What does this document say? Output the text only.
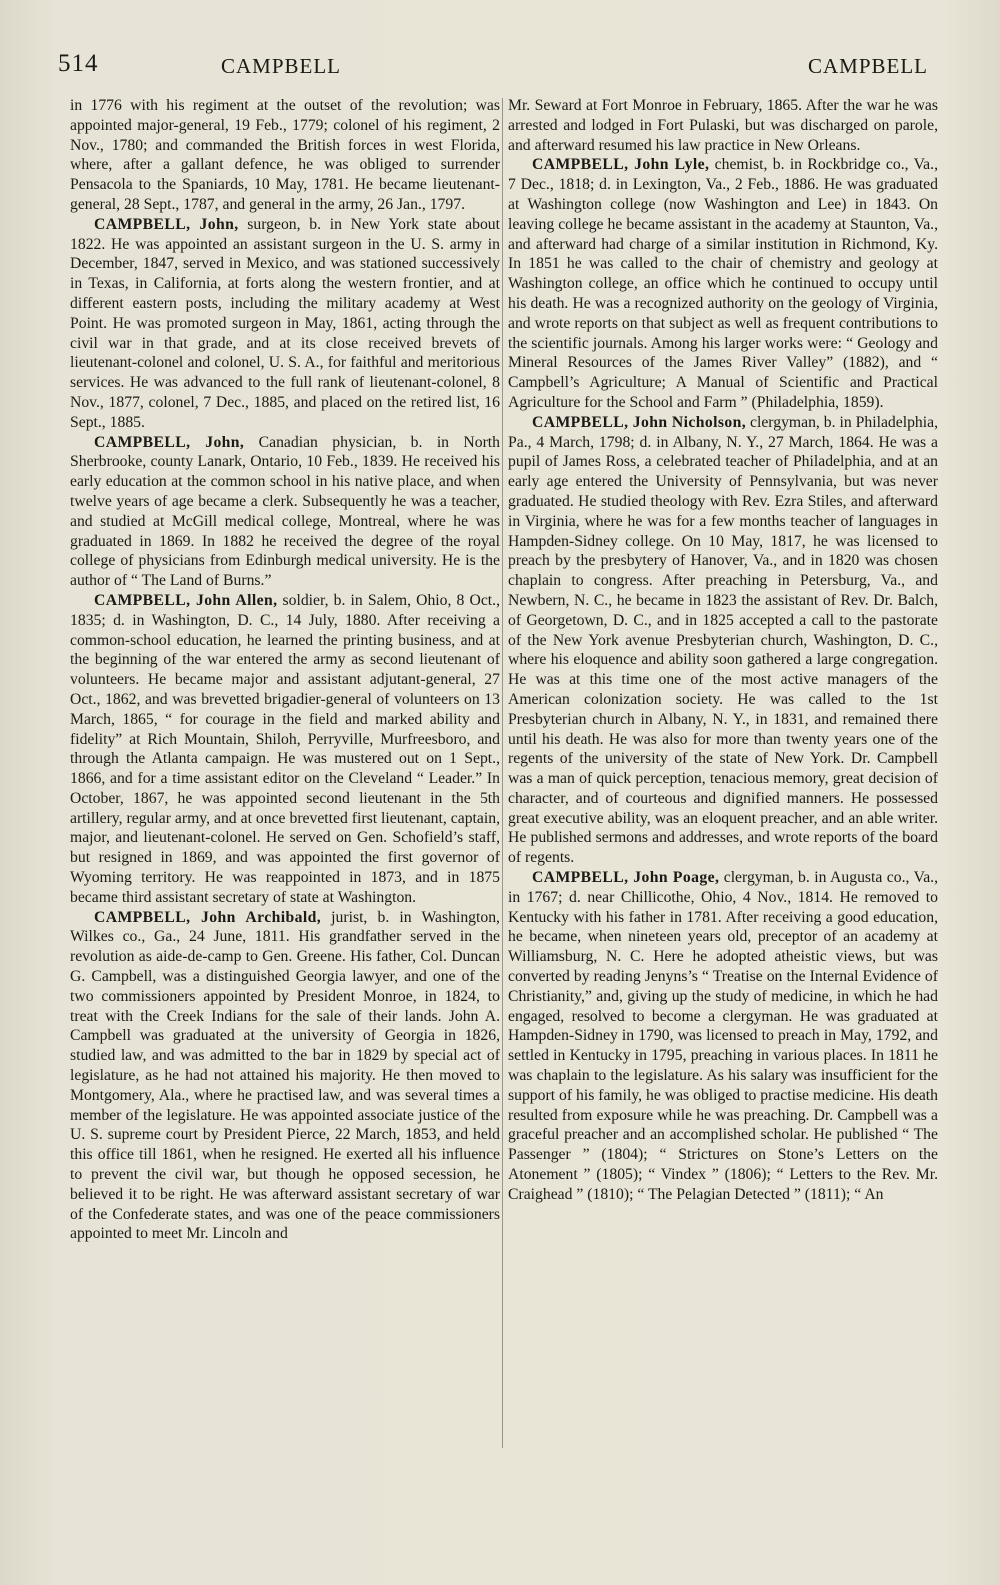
514	CAMPBELL	CAMPBELL

in 1776 with his regiment at the outset of the revolution; was appointed major-general, 19 Feb., 1779; colonel of his regiment, 2 Nov., 1780; and commanded the British forces in west Florida, where, after a gallant defence, he was obliged to surrender Pensacola to the Spaniards, 10 May, 1781. He became lieutenant-general, 28 Sept., 1787, and general in the army, 26 Jan., 1797.

CAMPBELL, John, surgeon, b. in New York state about 1822. He was appointed an assistant surgeon in the U. S. army in December, 1847, served in Mexico, and was stationed successively in Texas, in California, at forts along the western frontier, and at different eastern posts, including the military academy at West Point. He was promoted surgeon in May, 1861, acting through the civil war in that grade, and at its close received brevets of lieutenant-colonel and colonel, U. S. A., for faithful and meritorious services. He was advanced to the full rank of lieutenant-colonel, 8 Nov., 1877, colonel, 7 Dec., 1885, and placed on the retired list, 16 Sept., 1885.

CAMPBELL, John, Canadian physician, b. in North Sherbrooke, county Lanark, Ontario, 10 Feb., 1839. He received his early education at the common school in his native place, and when twelve years of age became a clerk. Subsequently he was a teacher, and studied at McGill medical college, Montreal, where he was graduated in 1869. In 1882 he received the degree of the royal college of physicians from Edinburgh medical university. He is the author of “ The Land of Burns.”

CAMPBELL, John Allen, soldier, b. in Salem, Ohio, 8 Oct., 1835; d. in Washington, D. C., 14 July, 1880. After receiving a common-school education, he learned the printing business, and at the beginning of the war entered the army as second lieutenant of volunteers. He became major and assistant adjutant-general, 27 Oct., 1862, and was brevetted brigadier-general of volunteers on 13 March, 1865, “ for courage in the field and marked ability and fidelity” at Rich Mountain, Shiloh, Perryville, Murfreesboro, and through the Atlanta campaign. He was mustered out on 1 Sept., 1866, and for a time assistant editor on the Cleveland “ Leader.” In October, 1867, he was appointed second lieutenant in the 5th artillery, regular army, and at once brevetted first lieutenant, captain, major, and lieutenant-colonel. He served on Gen. Schofield’s staff, but resigned in 1869, and was appointed the first governor of Wyoming territory. He was reappointed in 1873, and in 1875 became third assistant secretary of state at Washington.

CAMPBELL, John Archibald, jurist, b. in Washington, Wilkes co., Ga., 24 June, 1811. His grandfather served in the revolution as aide-de-camp to Gen. Greene. His father, Col. Duncan G. Campbell, was a distinguished Georgia lawyer, and one of the two commissioners appointed by President Monroe, in 1824, to treat with the Creek Indians for the sale of their lands. John A. Campbell was graduated at the university of Georgia in 1826, studied law, and was admitted to the bar in 1829 by special act of legislature, as he had not attained his majority. He then moved to Montgomery, Ala., where he practised law, and was several times a member of the legislature. He was appointed associate justice of the U. S. supreme court by President Pierce, 22 March, 1853, and held this office till 1861, when he resigned. He exerted all his influence to prevent the civil war, but though he opposed secession, he believed it to be right. He was afterward assistant secretary of war of the Confederate states, and was one of the peace commissioners appointed to meet Mr. Lincoln and

Mr. Seward at Fort Monroe in February, 1865. After the war he was arrested and lodged in Fort Pulaski, but was discharged on parole, and afterward resumed his law practice in New Orleans.

CAMPBELL, John Lyle, chemist, b. in Rockbridge co., Va., 7 Dec., 1818; d. in Lexington, Va., 2 Feb., 1886. He was graduated at Washington college (now Washington and Lee) in 1843. On leaving college he became assistant in the academy at Staunton, Va., and afterward had charge of a similar institution in Richmond, Ky. In 1851 he was called to the chair of chemistry and geology at Washington college, an office which he continued to occupy until his death. He was a recognized authority on the geology of Virginia, and wrote reports on that subject as well as frequent contributions to the scientific journals. Among his larger works were: “ Geology and Mineral Resources of the James River Valley” (1882), and “ Campbell’s Agriculture; A Manual of Scientific and Practical Agriculture for the School and Farm ” (Philadelphia, 1859).

CAMPBELL, John Nicholson, clergyman, b. in Philadelphia, Pa., 4 March, 1798; d. in Albany, N. Y., 27 March, 1864. He was a pupil of James Ross, a celebrated teacher of Philadelphia, and at an early age entered the University of Pennsylvania, but was never graduated. He studied theology with Rev. Ezra Stiles, and afterward in Virginia, where he was for a few months teacher of languages in Hampden-Sidney college. On 10 May, 1817, he was licensed to preach by the presbytery of Hanover, Va., and in 1820 was chosen chaplain to congress. After preaching in Petersburg, Va., and Newbern, N. C., he became in 1823 the assistant of Rev. Dr. Balch, of Georgetown, D. C., and in 1825 accepted a call to the pastorate of the New York avenue Presbyterian church, Washington, D. C., where his eloquence and ability soon gathered a large congregation. He was at this time one of the most active managers of the American colonization society. He was called to the 1st Presbyterian church in Albany, N. Y., in 1831, and remained there until his death. He was also for more than twenty years one of the regents of the university of the state of New York. Dr. Campbell was a man of quick perception, tenacious memory, great decision of character, and of courteous and dignified manners. He possessed great executive ability, was an eloquent preacher, and an able writer. He published sermons and addresses, and wrote reports of the board of regents.

CAMPBELL, John Poage, clergyman, b. in Augusta co., Va., in 1767; d. near Chillicothe, Ohio, 4 Nov., 1814. He removed to Kentucky with his father in 1781. After receiving a good education, he became, when nineteen years old, preceptor of an academy at Williamsburg, N. C. Here he adopted atheistic views, but was converted by reading Jenyns’s “ Treatise on the Internal Evidence of Christianity,” and, giving up the study of medicine, in which he had engaged, resolved to become a clergyman. He was graduated at Hampden-Sidney in 1790, was licensed to preach in May, 1792, and settled in Kentucky in 1795, preaching in various places. In 1811 he was chaplain to the legislature. As his salary was insufficient for the support of his family, he was obliged to practise medicine. His death resulted from exposure while he was preaching. Dr. Campbell was a graceful preacher and an accomplished scholar. He published “ The Passenger ” (1804); “ Strictures on Stone’s Letters on the Atonement ” (1805); “ Vindex ” (1806); “ Letters to the Rev. Mr. Craighead ” (1810); “ The Pelagian Detected ” (1811); “ An
